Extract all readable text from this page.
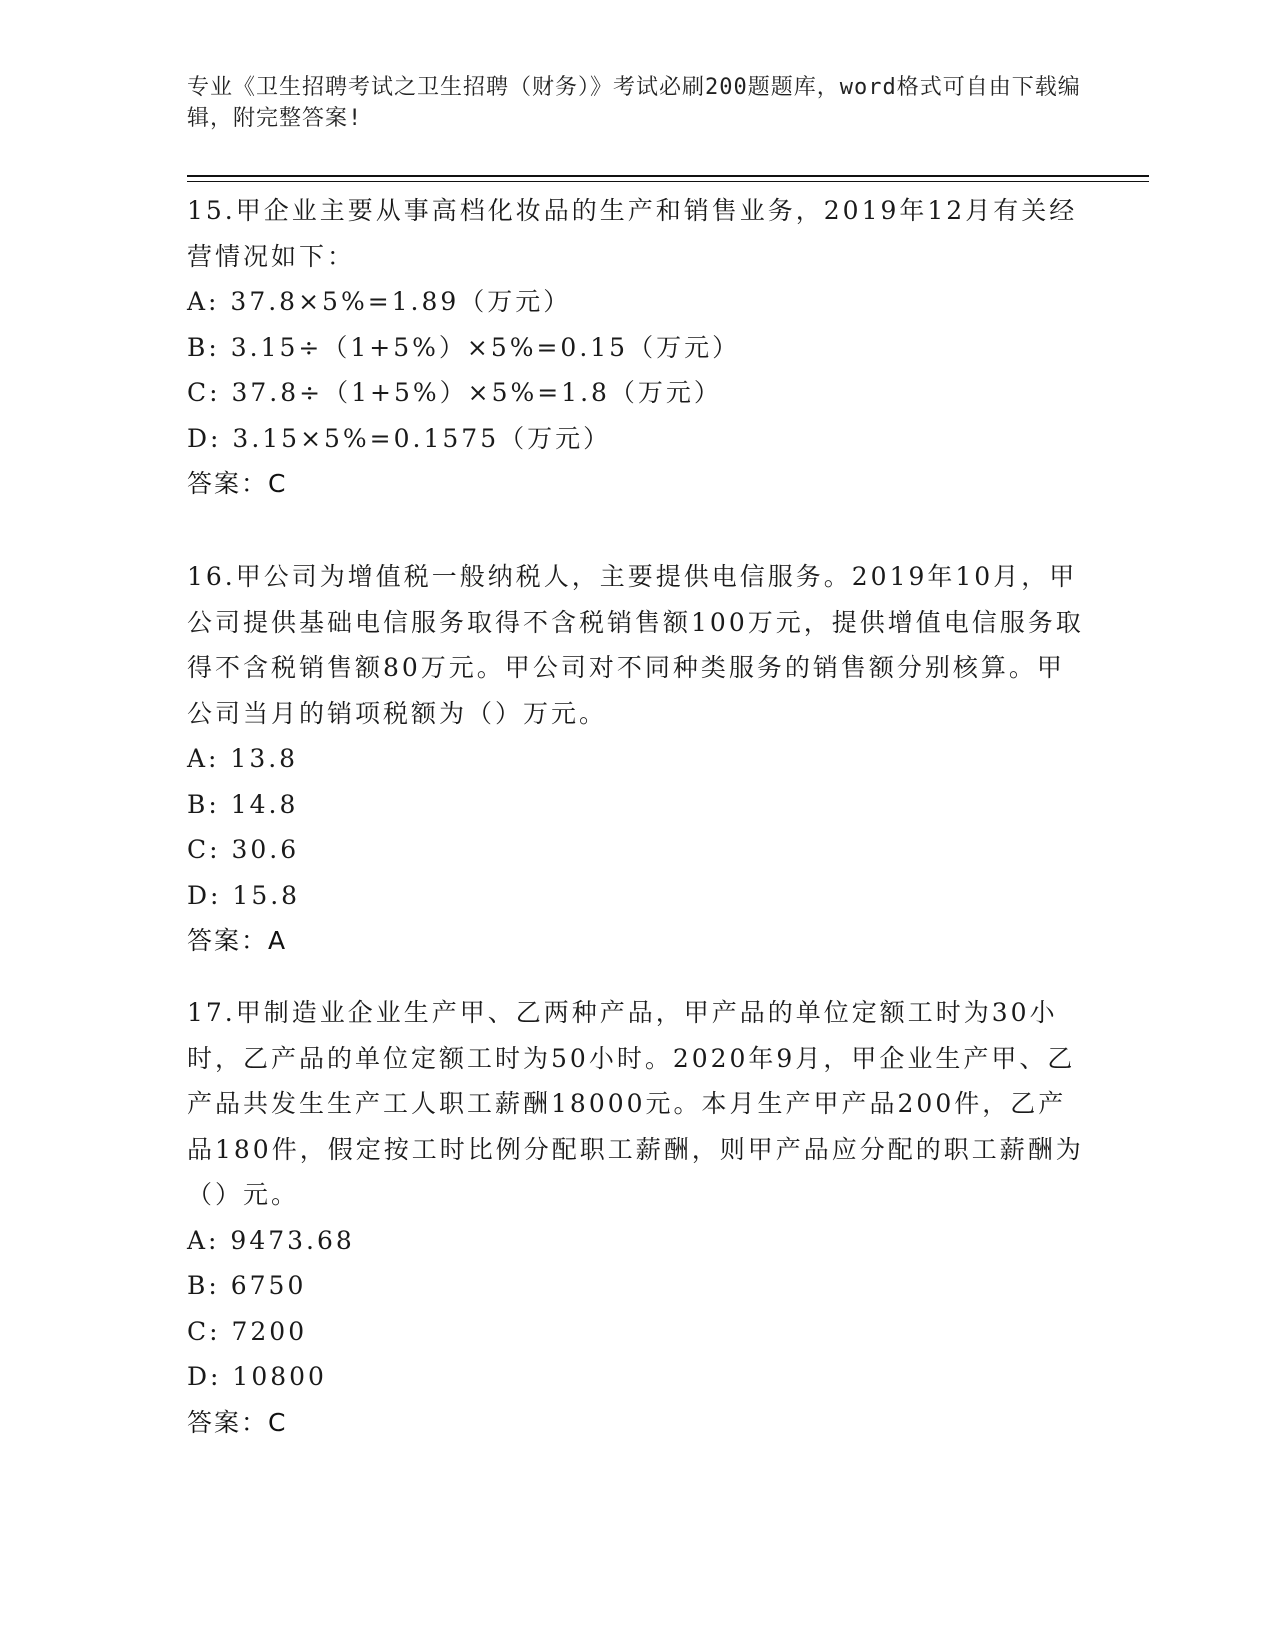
专业《卫生招聘考试之卫生招聘（财务）》考试必刷200题题库，word格式可自由下载编辑，附完整答案!

15.甲企业主要从事高档化妆品的生产和销售业务，2019年12月有关经营情况如下：

A: 37.8×5%=1.89（万元）

B: 3.15÷（1+5%）×5%=0.15（万元）

C: 37.8÷（1+5%）×5%=1.8（万元）

D: 3.15×5%=0.1575（万元）

答案：C

16.甲公司为增值税一般纳税人，主要提供电信服务。2019年10月，甲公司提供基础电信服务取得不含税销售额100万元，提供增值电信服务取得不含税销售额80万元。甲公司对不同种类服务的销售额分别核算。甲公司当月的销项税额为（）万元。

A: 13.8

B: 14.8

C: 30.6

D: 15.8

答案：A

17.甲制造业企业生产甲、乙两种产品，甲产品的单位定额工时为30小时，乙产品的单位定额工时为50小时。2020年9月，甲企业生产甲、乙产品共发生生产工人职工薪酬18000元。本月生产甲产品200件，乙产品180件，假定按工时比例分配职工薪酬，则甲产品应分配的职工薪酬为（）元。

A: 9473.68

B: 6750

C: 7200

D: 10800

答案：C
